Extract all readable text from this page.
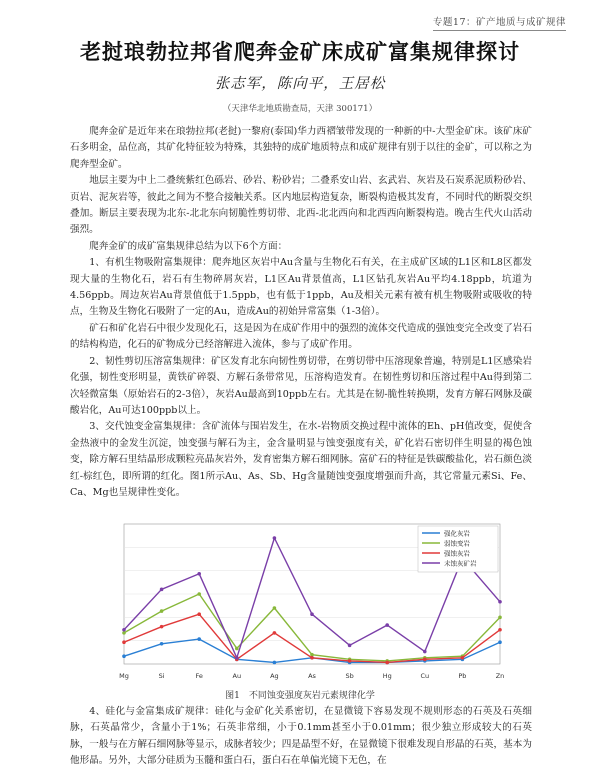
专题17：矿产地质与成矿规律
老挝琅勃拉邦省爬奔金矿床成矿富集规律探讨
张志军，陈向平，王居松
（天津华北地质勘查局，天津 300171）

爬奔金矿是近年来在琅勃拉邦(老挝)一黎府(泰国)华力西褶皱带发现的一种新的中-大型金矿床。该矿床矿石多明金，品位高，其矿化特征较为特殊，其独特的成矿地质特点和成矿规律有别于以往的金矿，可以称之为爬奔型金矿。

地层主要为中上二叠统紫红色砾岩、砂岩、粉砂岩；二叠系安山岩、玄武岩、灰岩及石炭系泥质粉砂岩、页岩、泥灰岩等，彼此之间为不整合接触关系。区内地层构造复杂，断裂构造极其发育，不同时代的断裂交织叠加。断层主要表现为北东-北北东向韧脆性剪切带、北西-北北西向和北西西向断裂构造。晚古生代火山活动强烈。

爬奔金矿的成矿富集规律总结为以下6个方面：

1、有机生物吸附富集规律：爬奔地区灰岩中Au含量与生物化石有关，在主成矿区域的L1区和L8区都发现大量的生物化石，岩石有生物碎屑灰岩，L1区Au背景值高，L1区钻孔灰岩Au平均4.18ppb，坑道为4.56ppb。周边灰岩Au背景值低于1.5ppb，也有低于1ppb，Au及相关元素有被有机生物吸附或吸收的特点，生物及生物化石吸附了一定的Au，造成Au的初始异常富集（1-3倍）。

矿石和矿化岩石中很少发现化石，这是因为在成矿作用中的强烈的流体交代造成的强蚀变完全改变了岩石的结构构造，化石的矿物成分已经溶解进入流体，参与了成矿作用。

2、韧性剪切压溶富集规律：矿区发育北东向韧性剪切带，在剪切带中压溶现象普遍，特别是L1区感染岩化强，韧性变形明显，黄铁矿碎裂、方解石条带常见，压溶构造发育。在韧性剪切和压溶过程中Au得到第二次轻微富集（原始岩石的2-3倍），灰岩Au最高到10ppb左右。尤其是在韧-脆性转换期，发育方解石网脉及碳酸岩化，Au可达100ppb以上。

3、交代蚀变金富集规律：含矿流体与围岩发生，在水-岩物质交换过程中流体的Eh、pH值改变，促使含金热液中的金发生沉淀，蚀变强与解石为主，金含量明显与蚀变强度有关，矿化岩石密切伴生明显的褐色蚀变，除方解石里结晶形成颗粒亮晶灰岩外，发育密集方解石细网脉。富矿石的特征是铁碳酸盐化，岩石颜色淡红-棕红色，即所谓的红化。图1所示Au、As、Sb、Hg含量随蚀变强度增强而升高，其它常量元素Si、Fe、Ca、Mg也呈规律性变化。

Mg	Si	Fe	Au	Ag	As	Sb	Hg	Cu	Pb	Zn
强化灰岩
弱蚀变岩
强蚀灰岩
未蚀灰矿岩
图1　不同蚀变强度灰岩元素规律化学

4、硅化与金富集成矿规律：硅化与金矿化关系密切，在显微镜下容易发现不规则形态的石英及石英细脉，石英晶常少，含量小于1%；石英非常细，小于0.1mm甚至小于0.01mm；很少独立形成较大的石英脉，一般与在方解石细网脉等显示，成脉者较少；四是晶型不好，在显微镜下很难发现自形晶的石英，基本为他形晶。另外，大部分硅质为玉髓和蛋白石，蛋白石在单偏光镜下无色，在
